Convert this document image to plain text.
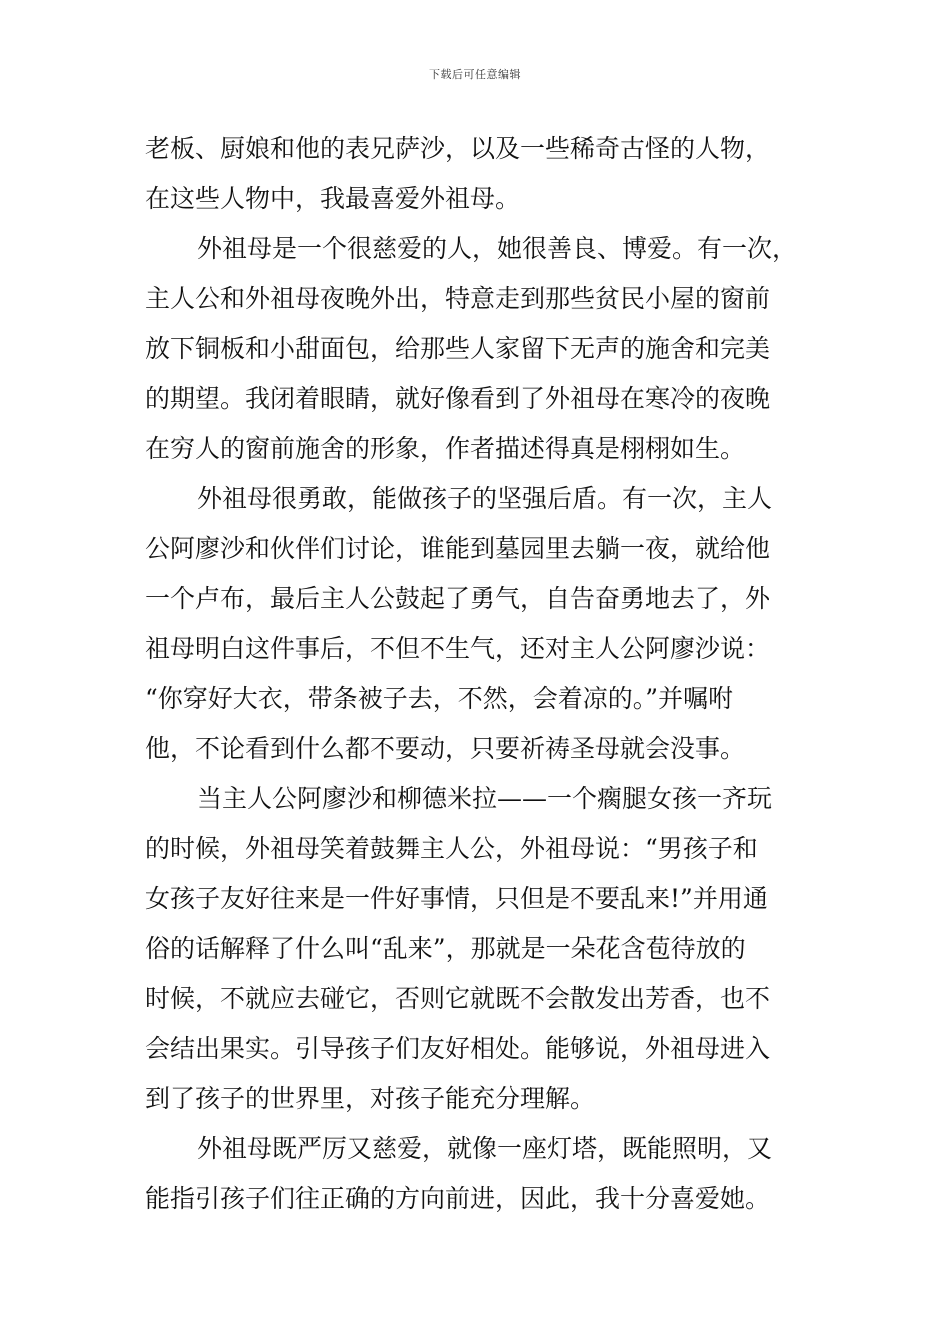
下载后可任意编辑
老板、厨娘和他的表兄萨沙，以及一些稀奇古怪的人物，
在这些人物中，我最喜爱外祖母。
外祖母是一个很慈爱的人，她很善良、博爱。有一次，
主人公和外祖母夜晚外出，特意走到那些贫民小屋的窗前
放下铜板和小甜面包，给那些人家留下无声的施舍和完美
的期望。我闭着眼睛，就好像看到了外祖母在寒冷的夜晚
在穷人的窗前施舍的形象，作者描述得真是栩栩如生。
外祖母很勇敢，能做孩子的坚强后盾。有一次，主人
公阿廖沙和伙伴们讨论，谁能到墓园里去躺一夜，就给他
一个卢布，最后主人公鼓起了勇气，自告奋勇地去了，外
祖母明白这件事后，不但不生气，还对主人公阿廖沙说：
“你穿好大衣，带条被子去，不然，会着凉的。”并嘱咐
他，不论看到什么都不要动，只要祈祷圣母就会没事。
当主人公阿廖沙和柳德米拉——一个瘸腿女孩一齐玩
的时候，外祖母笑着鼓舞主人公，外祖母说：“男孩子和
女孩子友好往来是一件好事情，只但是不要乱来!”并用通
俗的话解释了什么叫“乱来”，那就是一朵花含苞待放的
时候，不就应去碰它，否则它就既不会散发出芳香，也不
会结出果实。引导孩子们友好相处。能够说，外祖母进入
到了孩子的世界里，对孩子能充分理解。
外祖母既严厉又慈爱，就像一座灯塔，既能照明，又
能指引孩子们往正确的方向前进，因此，我十分喜爱她。
